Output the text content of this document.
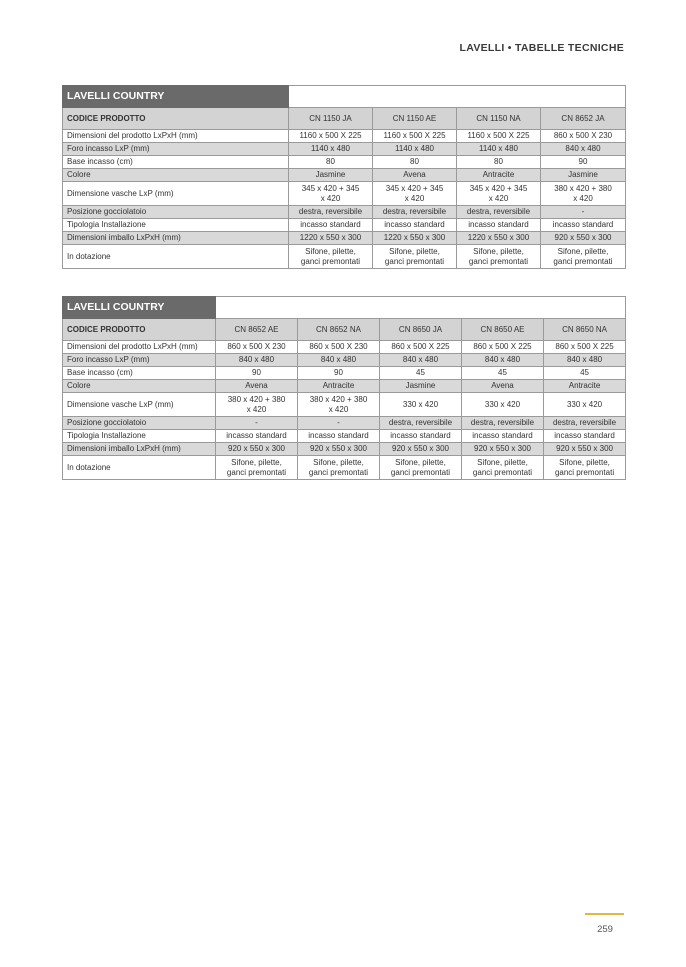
LAVELLI • TABELLE TECNICHE
LAVELLI COUNTRY				
CODICE PRODOTTO	CN 1150 JA	CN 1150 AE	CN 1150 NA	CN 8652 JA
Dimensioni del prodotto LxPxH (mm)	1160 x 500 X 225	1160 x 500 X 225	1160 x 500 X 225	860 x 500 X 230
Foro incasso LxP (mm)	1140 x 480	1140 x 480	1140 x 480	840 x 480
Base incasso (cm)	80	80	80	90
Colore	Jasmine	Avena	Antracite	Jasmine
Dimensione vasche LxP (mm)	345 x 420 + 345
x 420	345 x 420 + 345
x 420	345 x 420 + 345
x 420	380 x 420 + 380
x 420
Posizione gocciolatoio	destra, reversibile	destra, reversibile	destra, reversibile	-
Tipologia Installazione	incasso standard	incasso standard	incasso standard	incasso standard
Dimensioni imballo LxPxH (mm)	1220 x 550 x 300	1220 x 550 x 300	1220 x 550 x 300	920 x 550 x 300
In dotazione	Sifone, pilette,
ganci premontati	Sifone, pilette,
ganci premontati	Sifone, pilette,
ganci premontati	Sifone, pilette,
ganci premontati
LAVELLI COUNTRY					
CODICE PRODOTTO	CN 8652 AE	CN 8652 NA	CN 8650 JA	CN 8650 AE	CN 8650 NA
Dimensioni del prodotto LxPxH (mm)	860 x 500 X 230	860 x 500 X 230	860 x 500 X 225	860 x 500 X 225	860 x 500 X 225
Foro incasso LxP (mm)	840 x 480	840 x 480	840 x 480	840 x 480	840 x 480
Base incasso (cm)	90	90	45	45	45
Colore	Avena	Antracite	Jasmine	Avena	Antracite
Dimensione vasche LxP (mm)	380 x 420 + 380
x 420	380 x 420 + 380
x 420	330 x 420	330 x 420	330 x 420
Posizione gocciolatoio	-	-	destra, reversibile	destra, reversibile	destra, reversibile
Tipologia Installazione	incasso standard	incasso standard	incasso standard	incasso standard	incasso standard
Dimensioni imballo LxPxH (mm)	920 x 550 x 300	920 x 550 x 300	920 x 550 x 300	920 x 550 x 300	920 x 550 x 300
In dotazione	Sifone, pilette,
ganci premontati	Sifone, pilette,
ganci premontati	Sifone, pilette,
ganci premontati	Sifone, pilette,
ganci premontati	Sifone, pilette,
ganci premontati
259
